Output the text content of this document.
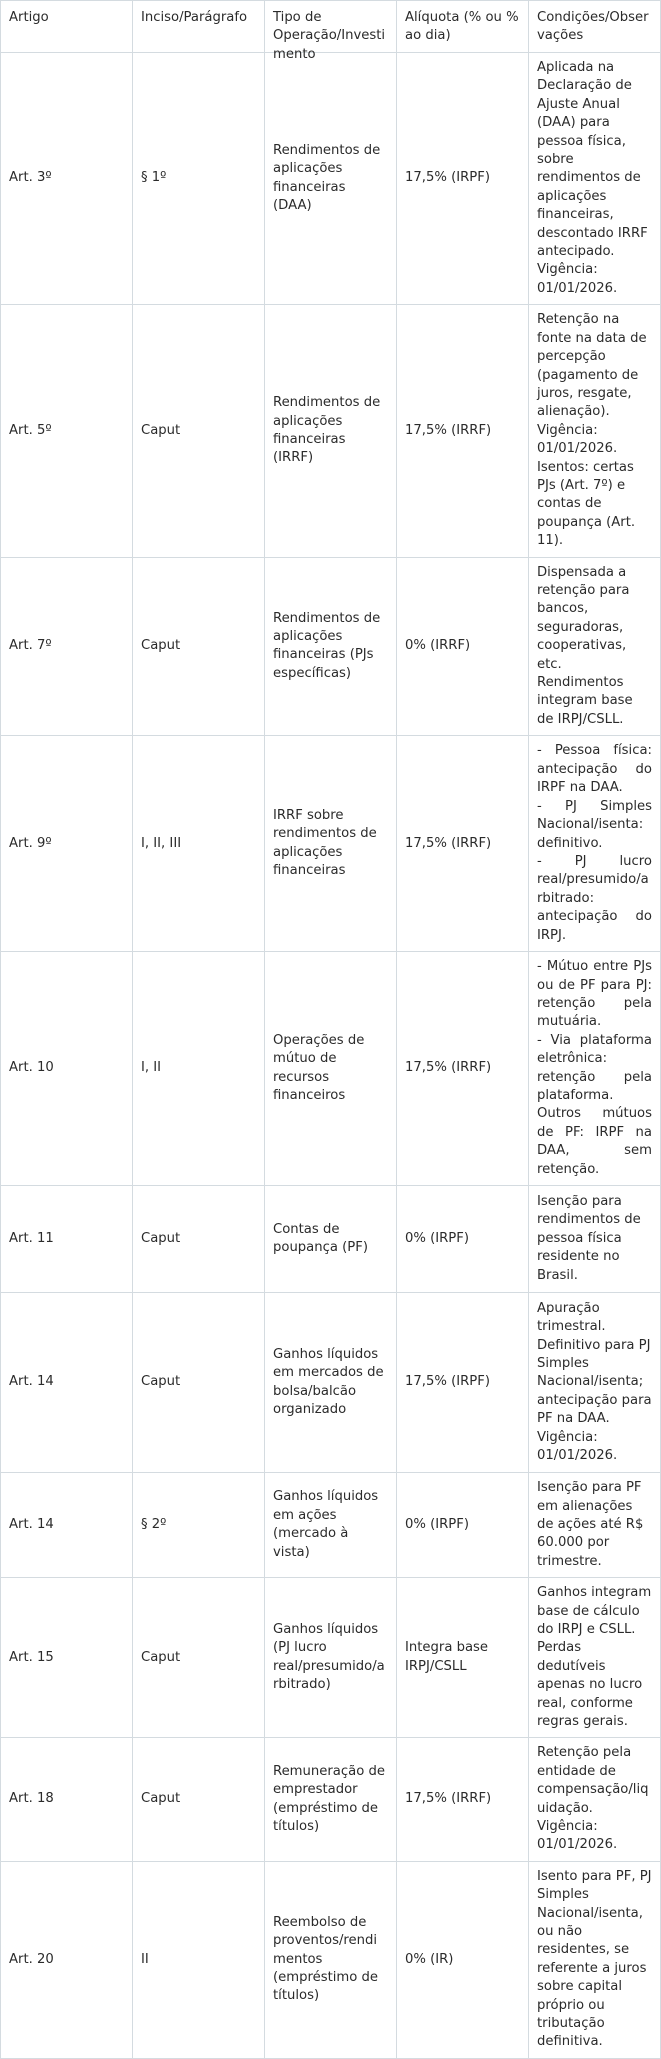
Artigo	Inciso/Parágrafo	Tipo de Operação/Investimento	Alíquota (% ou % ao dia)	Condições/Observações

Art. 3º	§ 1º	Rendimentos de aplicações financeiras (DAA)	17,5% (IRPF)	Aplicada na Declaração de Ajuste Anual (DAA) para pessoa física, sobre rendimentos de aplicações financeiras, descontado IRRF antecipado. Vigência: 01/01/2026.
Art. 5º	Caput	Rendimentos de aplicações financeiras (IRRF)	17,5% (IRRF)	Retenção na fonte na data de percepção (pagamento de juros, resgate, alienação). Vigência: 01/01/2026. Isentos: certas PJs (Art. 7º) e contas de poupança (Art. 11).
Art. 7º	Caput	Rendimentos de aplicações financeiras (PJs específicas)	0% (IRRF)	Dispensada a retenção para bancos, seguradoras, cooperativas, etc. Rendimentos integram base de IRPJ/CSLL.
Art. 9º	I, II, III	IRRF sobre rendimentos de aplicações financeiras	17,5% (IRRF)	- Pessoa física: antecipação do IRPF na DAA.
- PJ Simples Nacional/isenta: definitivo.
- PJ lucro real/presumido/arbitrado: antecipação do IRPJ.

Art. 10	I, II	Operações de mútuo de recursos financeiros	17,5% (IRRF)	- Mútuo entre PJs ou de PF para PJ: retenção pela mutuária.
- Via plataforma eletrônica: retenção pela plataforma.
Outros mútuos de PF: IRPF na DAA, sem retenção.

Art. 11	Caput	Contas de poupança (PF)	0% (IRPF)	Isenção para rendimentos de pessoa física residente no Brasil.
Art. 14	Caput	Ganhos líquidos em mercados de bolsa/balcão organizado	17,5% (IRPF)	Apuração trimestral. Definitivo para PJ Simples Nacional/isenta; antecipação para PF na DAA. Vigência: 01/01/2026.
Art. 14	§ 2º	Ganhos líquidos em ações (mercado à vista)	0% (IRPF)	Isenção para PF em alienações de ações até R$ 60.000 por trimestre.
Art. 15	Caput	Ganhos líquidos (PJ lucro real/presumido/arbitrado)	Integra base IRPJ/CSLL	Ganhos integram base de cálculo do IRPJ e CSLL. Perdas dedutíveis apenas no lucro real, conforme regras gerais.
Art. 18	Caput	Remuneração de emprestador (empréstimo de títulos)	17,5% (IRRF)	Retenção pela entidade de compensação/liquidação. Vigência: 01/01/2026.
Art. 20	II	Reembolso de proventos/rendimentos (empréstimo de títulos)	0% (IR)	Isento para PF, PJ Simples Nacional/isenta, ou não residentes, se referente a juros sobre capital próprio ou tributação definitiva.
